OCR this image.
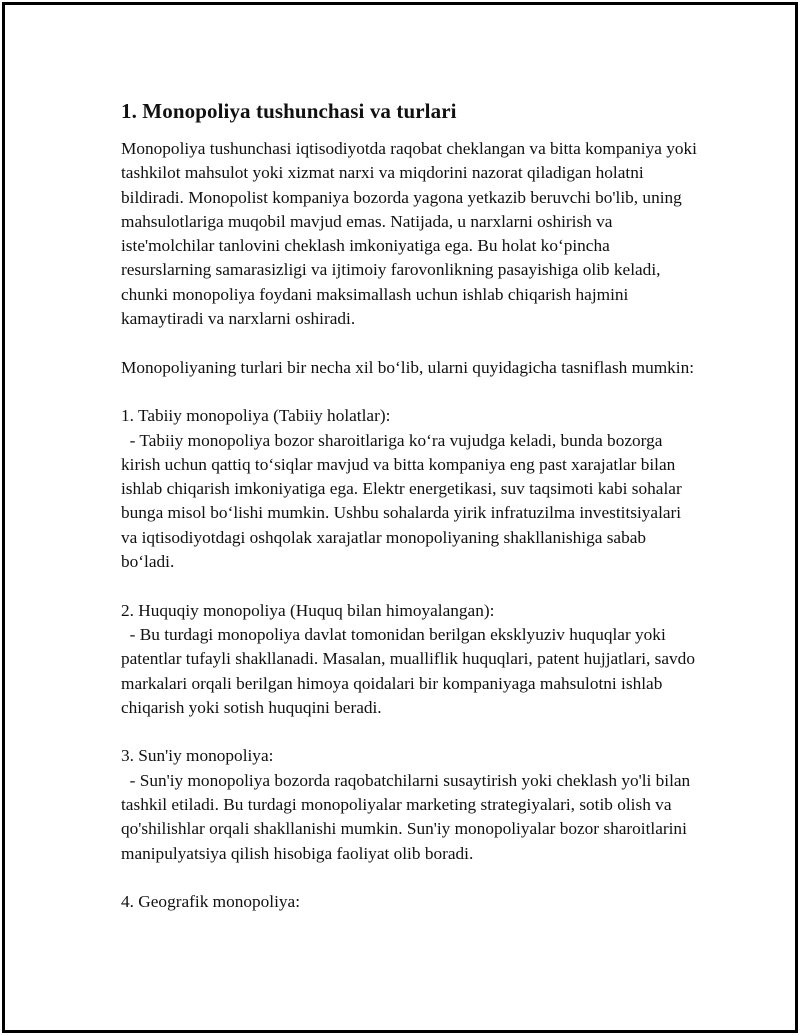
1. Monopoliya tushunchasi va turlari

Monopoliya tushunchasi iqtisodiyotda raqobat cheklangan va bitta kompaniya yoki tashkilot mahsulot yoki xizmat narxi va miqdorini nazorat qiladigan holatni bildiradi. Monopolist kompaniya bozorda yagona yetkazib beruvchi bo'lib, uning mahsulotlariga muqobil mavjud emas. Natijada, u narxlarni oshirish va iste'molchilar tanlovini cheklash imkoniyatiga ega. Bu holat ko‘pincha resurslarning samarasizligi va ijtimoiy farovonlikning pasayishiga olib keladi, chunki monopoliya foydani maksimallash uchun ishlab chiqarish hajmini kamaytiradi va narxlarni oshiradi.

Monopoliyaning turlari bir necha xil bo‘lib, ularni quyidagicha tasniflash mumkin:

1. Tabiiy monopoliya (Tabiiy holatlar):
- Tabiiy monopoliya bozor sharoitlariga ko‘ra vujudga keladi, bunda bozorga kirish uchun qattiq to‘siqlar mavjud va bitta kompaniya eng past xarajatlar bilan ishlab chiqarish imkoniyatiga ega. Elektr energetikasi, suv taqsimoti kabi sohalar bunga misol bo‘lishi mumkin. Ushbu sohalarda yirik infratuzilma investitsiyalari va iqtisodiyotdagi oshqolak xarajatlar monopoliyaning shakllanishiga sabab bo‘ladi.

2. Huquqiy monopoliya (Huquq bilan himoyalangan):
- Bu turdagi monopoliya davlat tomonidan berilgan eksklyuziv huquqlar yoki patentlar tufayli shakllanadi. Masalan, mualliflik huquqlari, patent hujjatlari, savdo markalari orqali berilgan himoya qoidalari bir kompaniyaga mahsulotni ishlab chiqarish yoki sotish huquqini beradi.

3. Sun'iy monopoliya:
- Sun'iy monopoliya bozorda raqobatchilarni susaytirish yoki cheklash yo'li bilan tashkil etiladi. Bu turdagi monopoliyalar marketing strategiyalari, sotib olish va qo'shilishlar orqali shakllanishi mumkin. Sun'iy monopoliyalar bozor sharoitlarini manipulyatsiya qilish hisobiga faoliyat olib boradi.

4. Geografik monopoliya:
